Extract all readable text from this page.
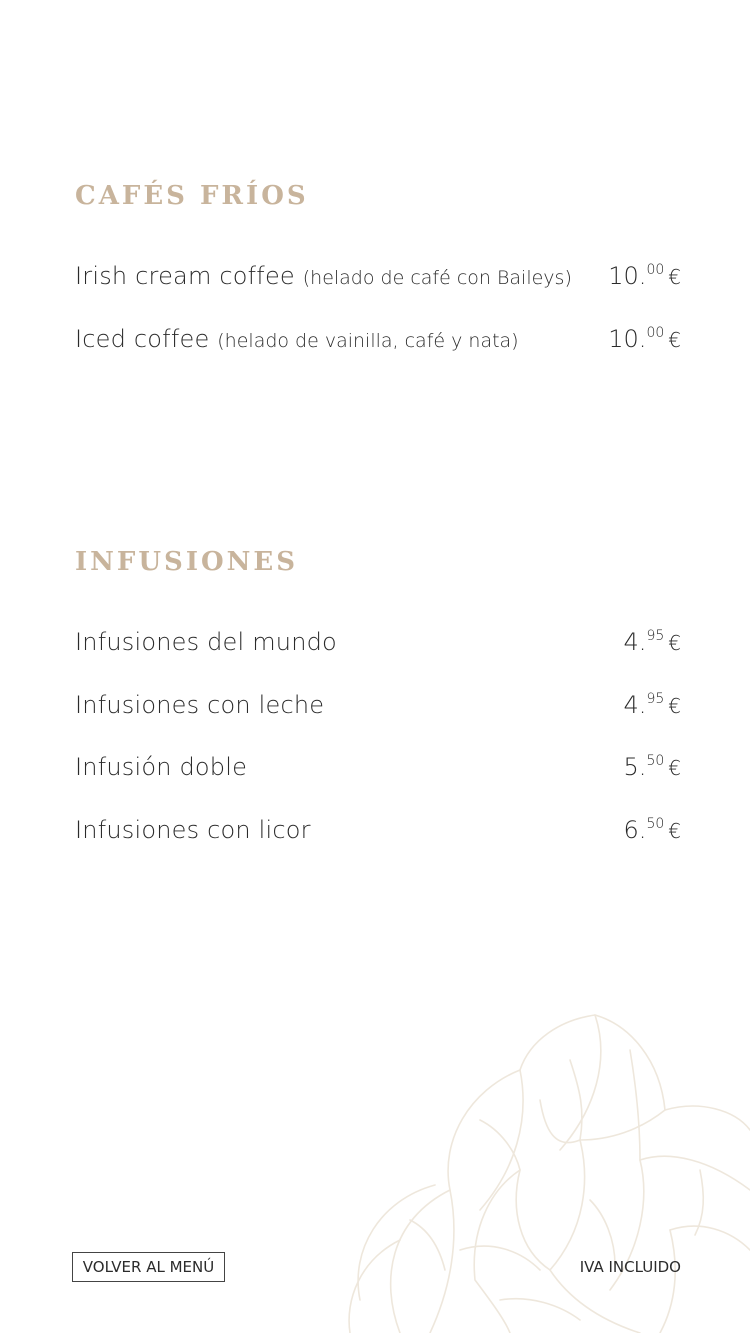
CAFÉS FRÍOS
Irish cream coffee (helado de café con Baileys) 10.00 €
Iced coffee (helado de vainilla, café y nata)	10.00 €
INFUSIONES
Infusiones del mundo	4.95 €
Infusiones con leche	4.95 €
Infusión doble	5.50 €
Infusiones con licor	6.50 €
VOLVER AL MENÚ	IVA INCLUIDO
